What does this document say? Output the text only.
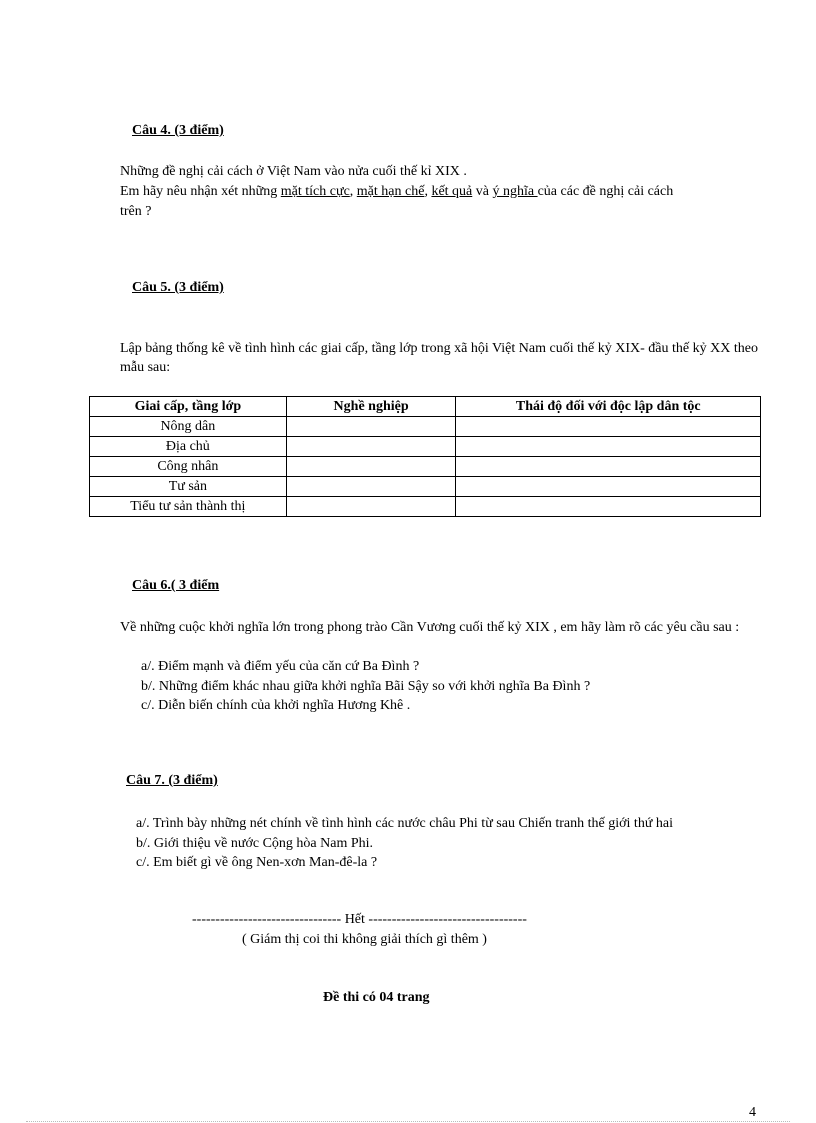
Câu 4. (3 điểm)
Những đề nghị cải cách ở Việt Nam vào nửa cuối thế kỉ XIX .
Em hãy nêu nhận xét những mặt tích cực, mặt hạn chế, kết quả và ý nghĩa của các đề nghị cải cách
trên ?
Câu 5. (3 điểm)
Lập bảng thống kê về tình hình các giai cấp, tầng lớp trong xã hội Việt Nam cuối thế kỷ XIX- đầu thế kỷ XX theo mẫu sau:
Giai cấp, tầng lớp	Nghề nghiệp	Thái độ đối với độc lập dân tộc
Nông dân		
Địa chủ		
Công nhân		
Tư sản		
Tiểu tư sản thành thị		
Câu 6.( 3 điểm
Về những cuộc khởi nghĩa lớn trong phong trào Cần Vương cuối thế kỷ XIX , em hãy làm rõ các yêu cầu sau :
a/. Điểm mạnh và điểm yếu của căn cứ Ba Đình ?
b/. Những điểm khác nhau giữa khởi nghĩa Bãi Sậy so với khởi nghĩa Ba Đình ?
c/. Diễn biến chính của khởi nghĩa Hương Khê .
Câu 7. (3 điểm)
a/. Trình bày những nét chính về tình hình các nước châu Phi từ sau Chiến tranh thế giới thứ hai
b/. Giới thiệu về nước Cộng hòa Nam Phi.
c/. Em biết gì về ông Nen-xơn Man-đê-la ?
-------------------------------- Hết ----------------------------------
( Giám thị coi thi không giải thích gì thêm )
Đề thi có 04 trang
4
